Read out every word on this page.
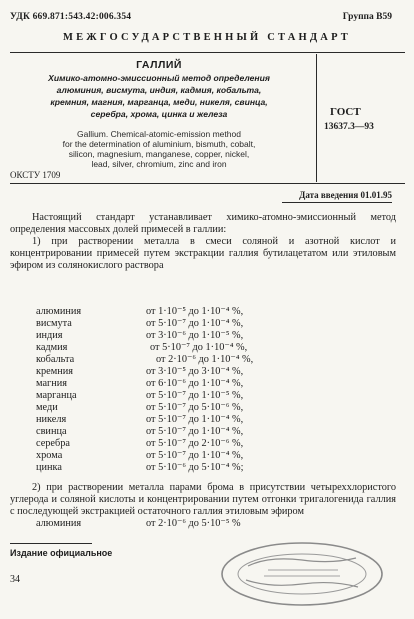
УДК 669.871:543.42:006.354	Группа В59
МЕЖГОСУДАРСТВЕННЫЙ СТАНДАРТ
ГАЛЛИЙ
Химико-атомно-эмиссионный метод определения
алюминия, висмута, индия, кадмия, кобальта,
кремния, магния, марганца, меди, никеля, свинца,
серебра, хрома, цинка и железа
Gallium. Chemical-atomic-emission method
for the determination of aluminium, bismuth, cobalt,
silicon, magnesium, manganese, copper, nickel,
lead, silver, chromium, zinc and iron
ОКСТУ 1709
ГОСТ
13637.3—93
Дата введения 01.01.95
Настоящий стандарт устанавливает химико-атомно-эмиссионный метод определения массовых долей примесей в галлии:
1) при растворении металла в смеси соляной и азотной кислот и концентрировании примесей путем экстракции галлия бутилацетатом или этиловым эфиром из солянокислого раствора
алюминия	от 1·10⁻⁵ до 1·10⁻⁴ %,
висмута	от 5·10⁻⁷ до 1·10⁻⁴ %,
индия	от 3·10⁻⁶ до 1·10⁻⁵ %,
кадмия	от 5·10⁻⁷ до 1·10⁻⁴ %,
кобальта	от 2·10⁻⁶ до 1·10⁻⁴ %,
кремния	от 3·10⁻⁵ до 3·10⁻⁴ %,
магния	от 6·10⁻⁶ до 1·10⁻⁴ %,
марганца	от 5·10⁻⁷ до 1·10⁻⁵ %,
меди	от 5·10⁻⁷ до 5·10⁻⁶ %,
никеля	от 5·10⁻⁷ до 1·10⁻⁴ %,
свинца	от 5·10⁻⁷ до 1·10⁻⁴ %,
серебра	от 5·10⁻⁷ до 2·10⁻⁶ %,
хрома	от 5·10⁻⁷ до 1·10⁻⁴ %,
цинка	от 5·10⁻⁶ до 5·10⁻⁴ %;
2) при растворении металла парами брома в присутствии четыреххлористого углерода и соляной кислоты и концентрировании путем отгонки тригалогенида галлия с последующей экстракцией остаточного галлия этиловым эфиром
алюминия	от 2·10⁻⁶ до 5·10⁻⁵ %
Издание официальное
34
